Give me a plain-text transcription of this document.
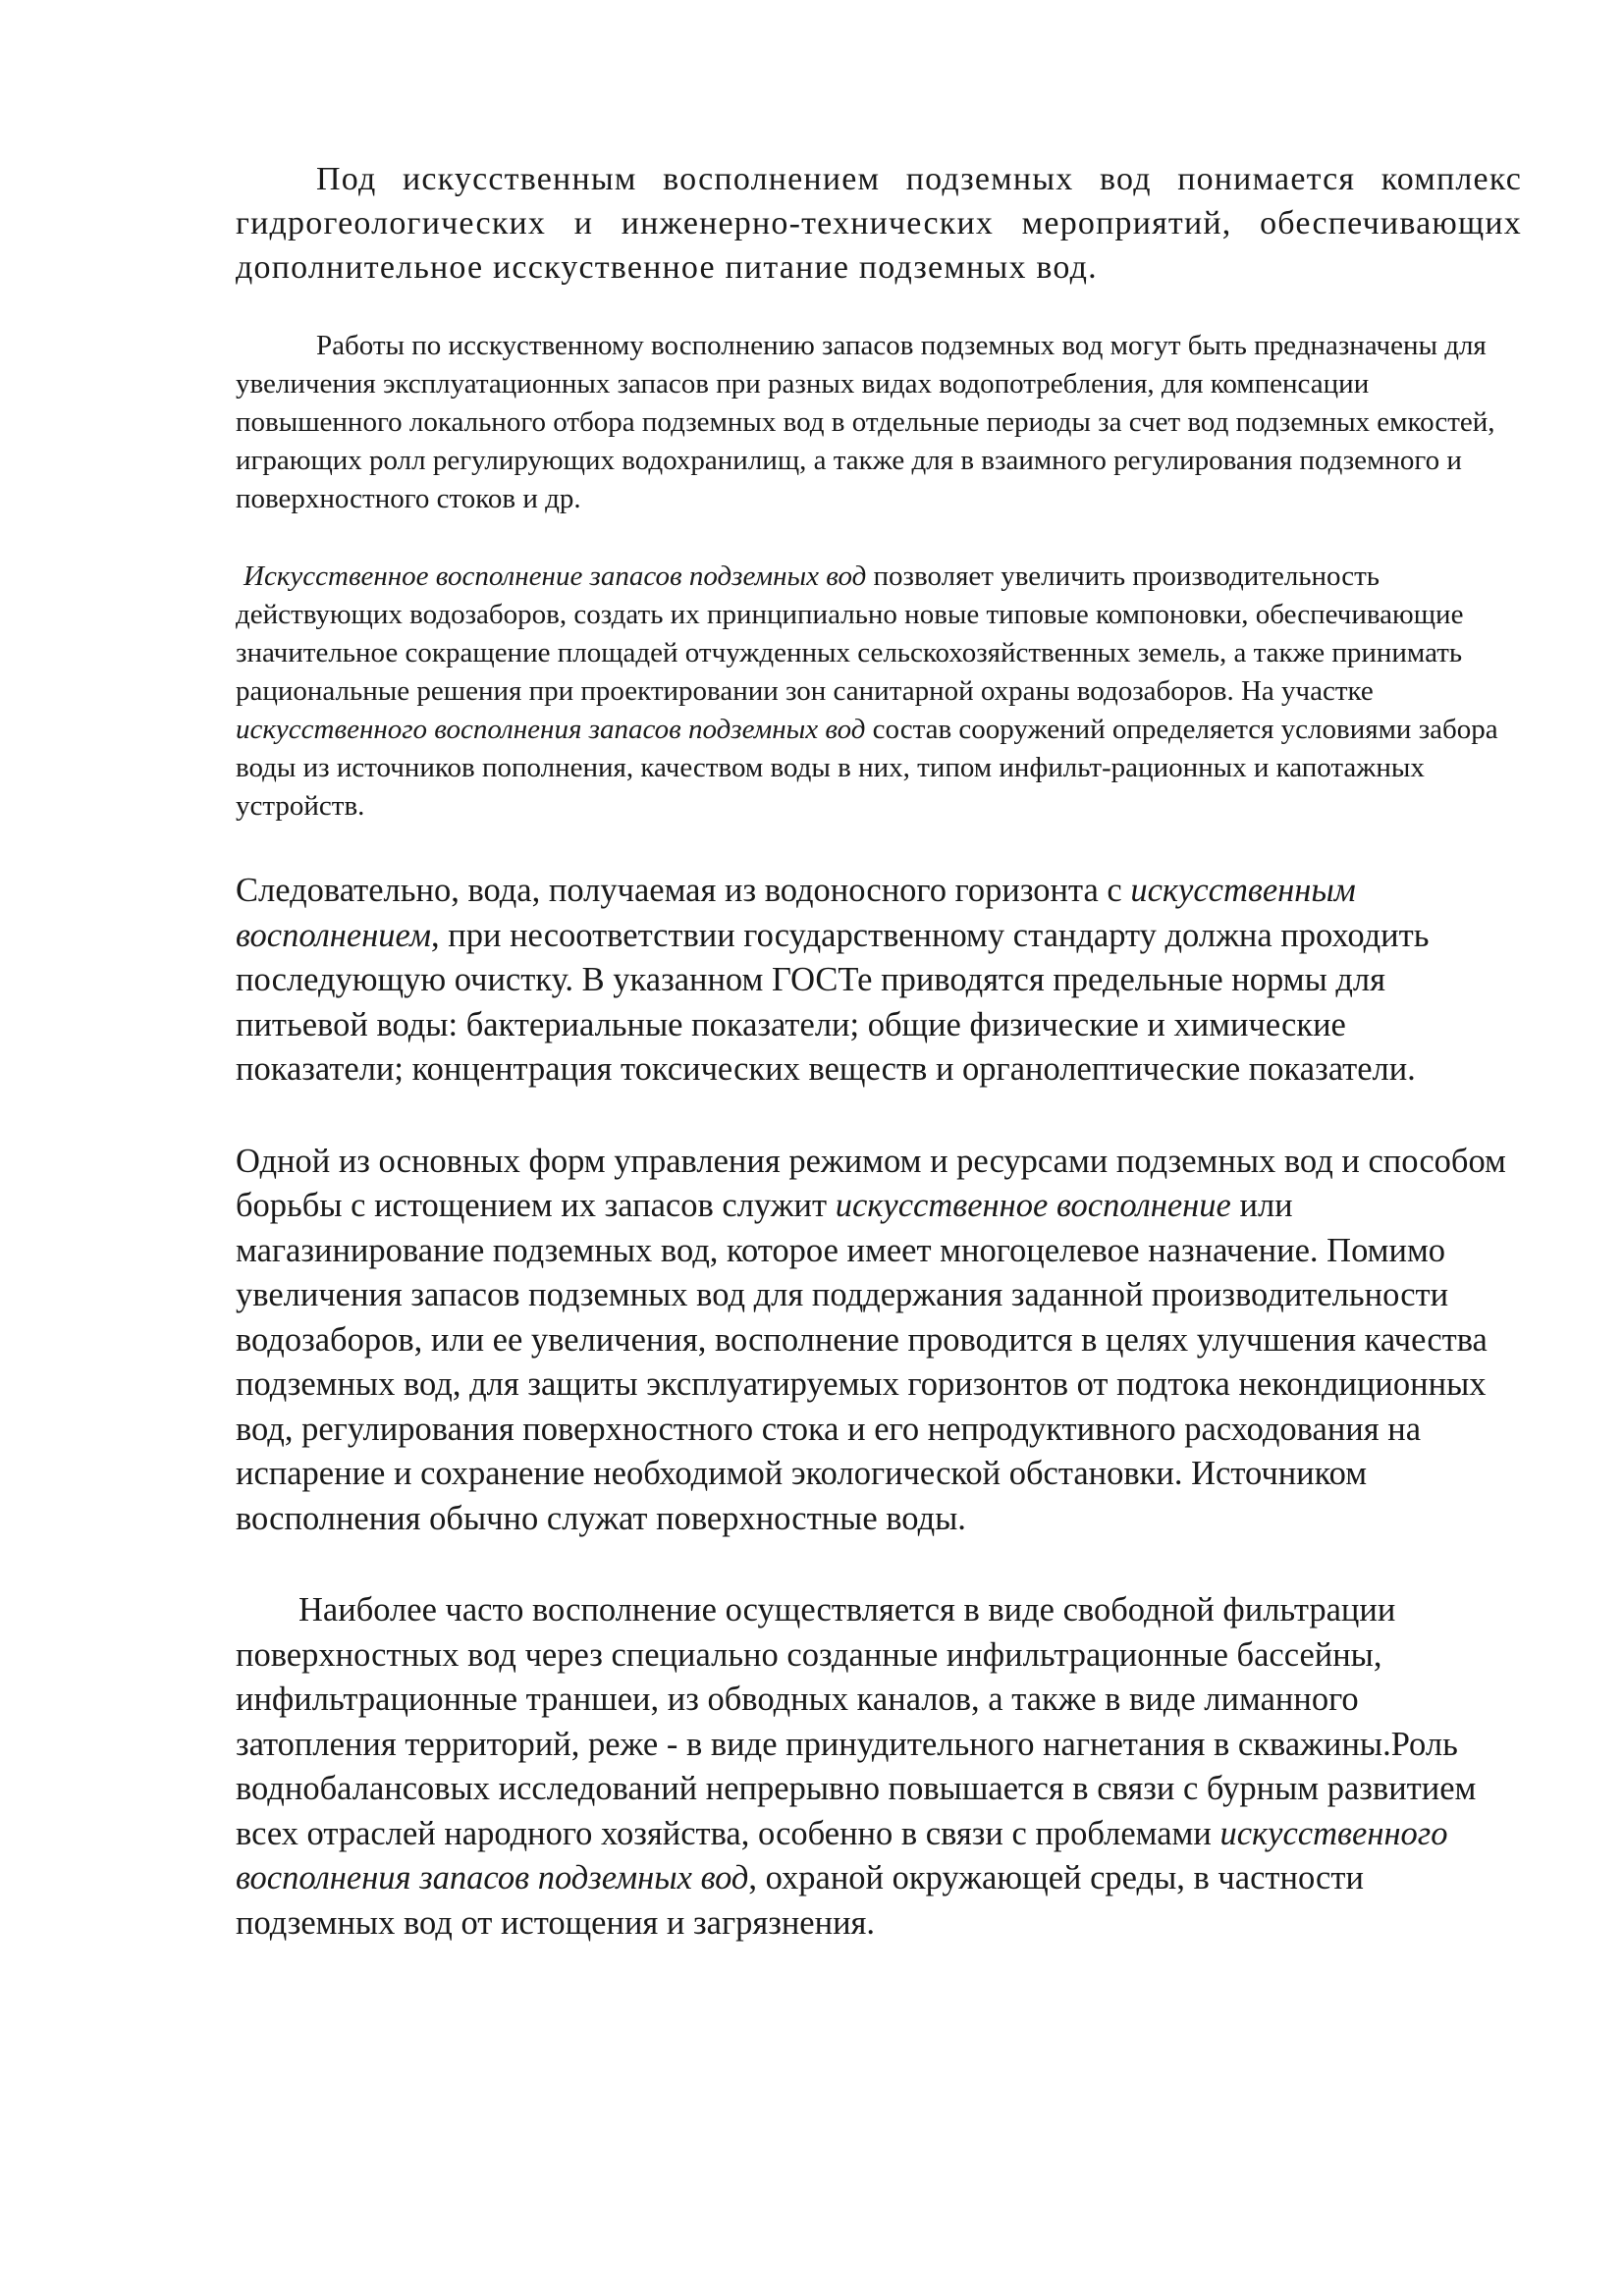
Под искусственным восполнением подземных вод понимается комплекс гидрогеологических и инженерно-технических мероприятий, обеспечивающих дополнительное исскуственное питание подземных вод.

Работы по исскуственному восполнению запасов подземных вод могут быть предназначены для увеличения эксплуатационных запасов при разных видах водопотребления, для компенсации повышенного локального отбора подземных вод в отдельные периоды за счет вод подземных емкостей, играющих ролл регулирующих водохранилищ, а также для в взаимного регулирования подземного и поверхностного стоков и др.

Искусственное восполнение запасов подземных вод позволяет увеличить производительность действующих водозаборов, создать их принципиально новые типовые компоновки, обеспечивающие значительное сокращение площадей отчужденных сельскохозяйственных земель, а также принимать рациональные решения при проектировании зон санитарной охраны водозаборов. На участке искусственного восполнения запасов подземных вод состав сооружений определяется условиями забора воды из источников пополнения, качеством воды в них, типом инфильт-рационных и капотажных устройств.

Следовательно, вода, получаемая из водоносного горизонта с искусственным восполнением, при несоответствии государственному стандарту должна проходить последующую очистку. В указанном ГОСТе приводятся предельные нормы для питьевой воды: бактериальные показатели; общие физические и химические показатели; концентрация токсических веществ и органолептические показатели.

Одной из основных форм управления режимом и ресурсами подземных вод и способом борьбы с истощением их запасов служит искусственное восполнение или магазинирование подземных вод, которое имеет многоцелевое назначение. Помимо увеличения запасов подземных вод для поддержания заданной производительности водозаборов, или ее увеличения, восполнение проводится в целях улучшения качества подземных вод, для защиты эксплуатируемых горизонтов от подтока некондиционных вод, регулирования поверхностного стока и его непродуктивного расходования на испарение и сохранение необходимой экологической обстановки. Источником восполнения обычно служат поверхностные воды.

Наиболее часто восполнение осуществляется в виде свободной фильтрации поверхностных вод через специально созданные инфильтрационные бассейны, инфильтрационные траншеи, из обводных каналов, а также в виде лиманного затопления территорий, реже - в виде принудительного нагнетания в скважины.Роль воднобалансовых исследований непрерывно повышается в связи с бурным развитием всех отраслей народного хозяйства, особенно в связи с проблемами искусственного восполнения запасов подземных вод, охраной окружающей среды, в частности подземных вод от истощения и загрязнения.
